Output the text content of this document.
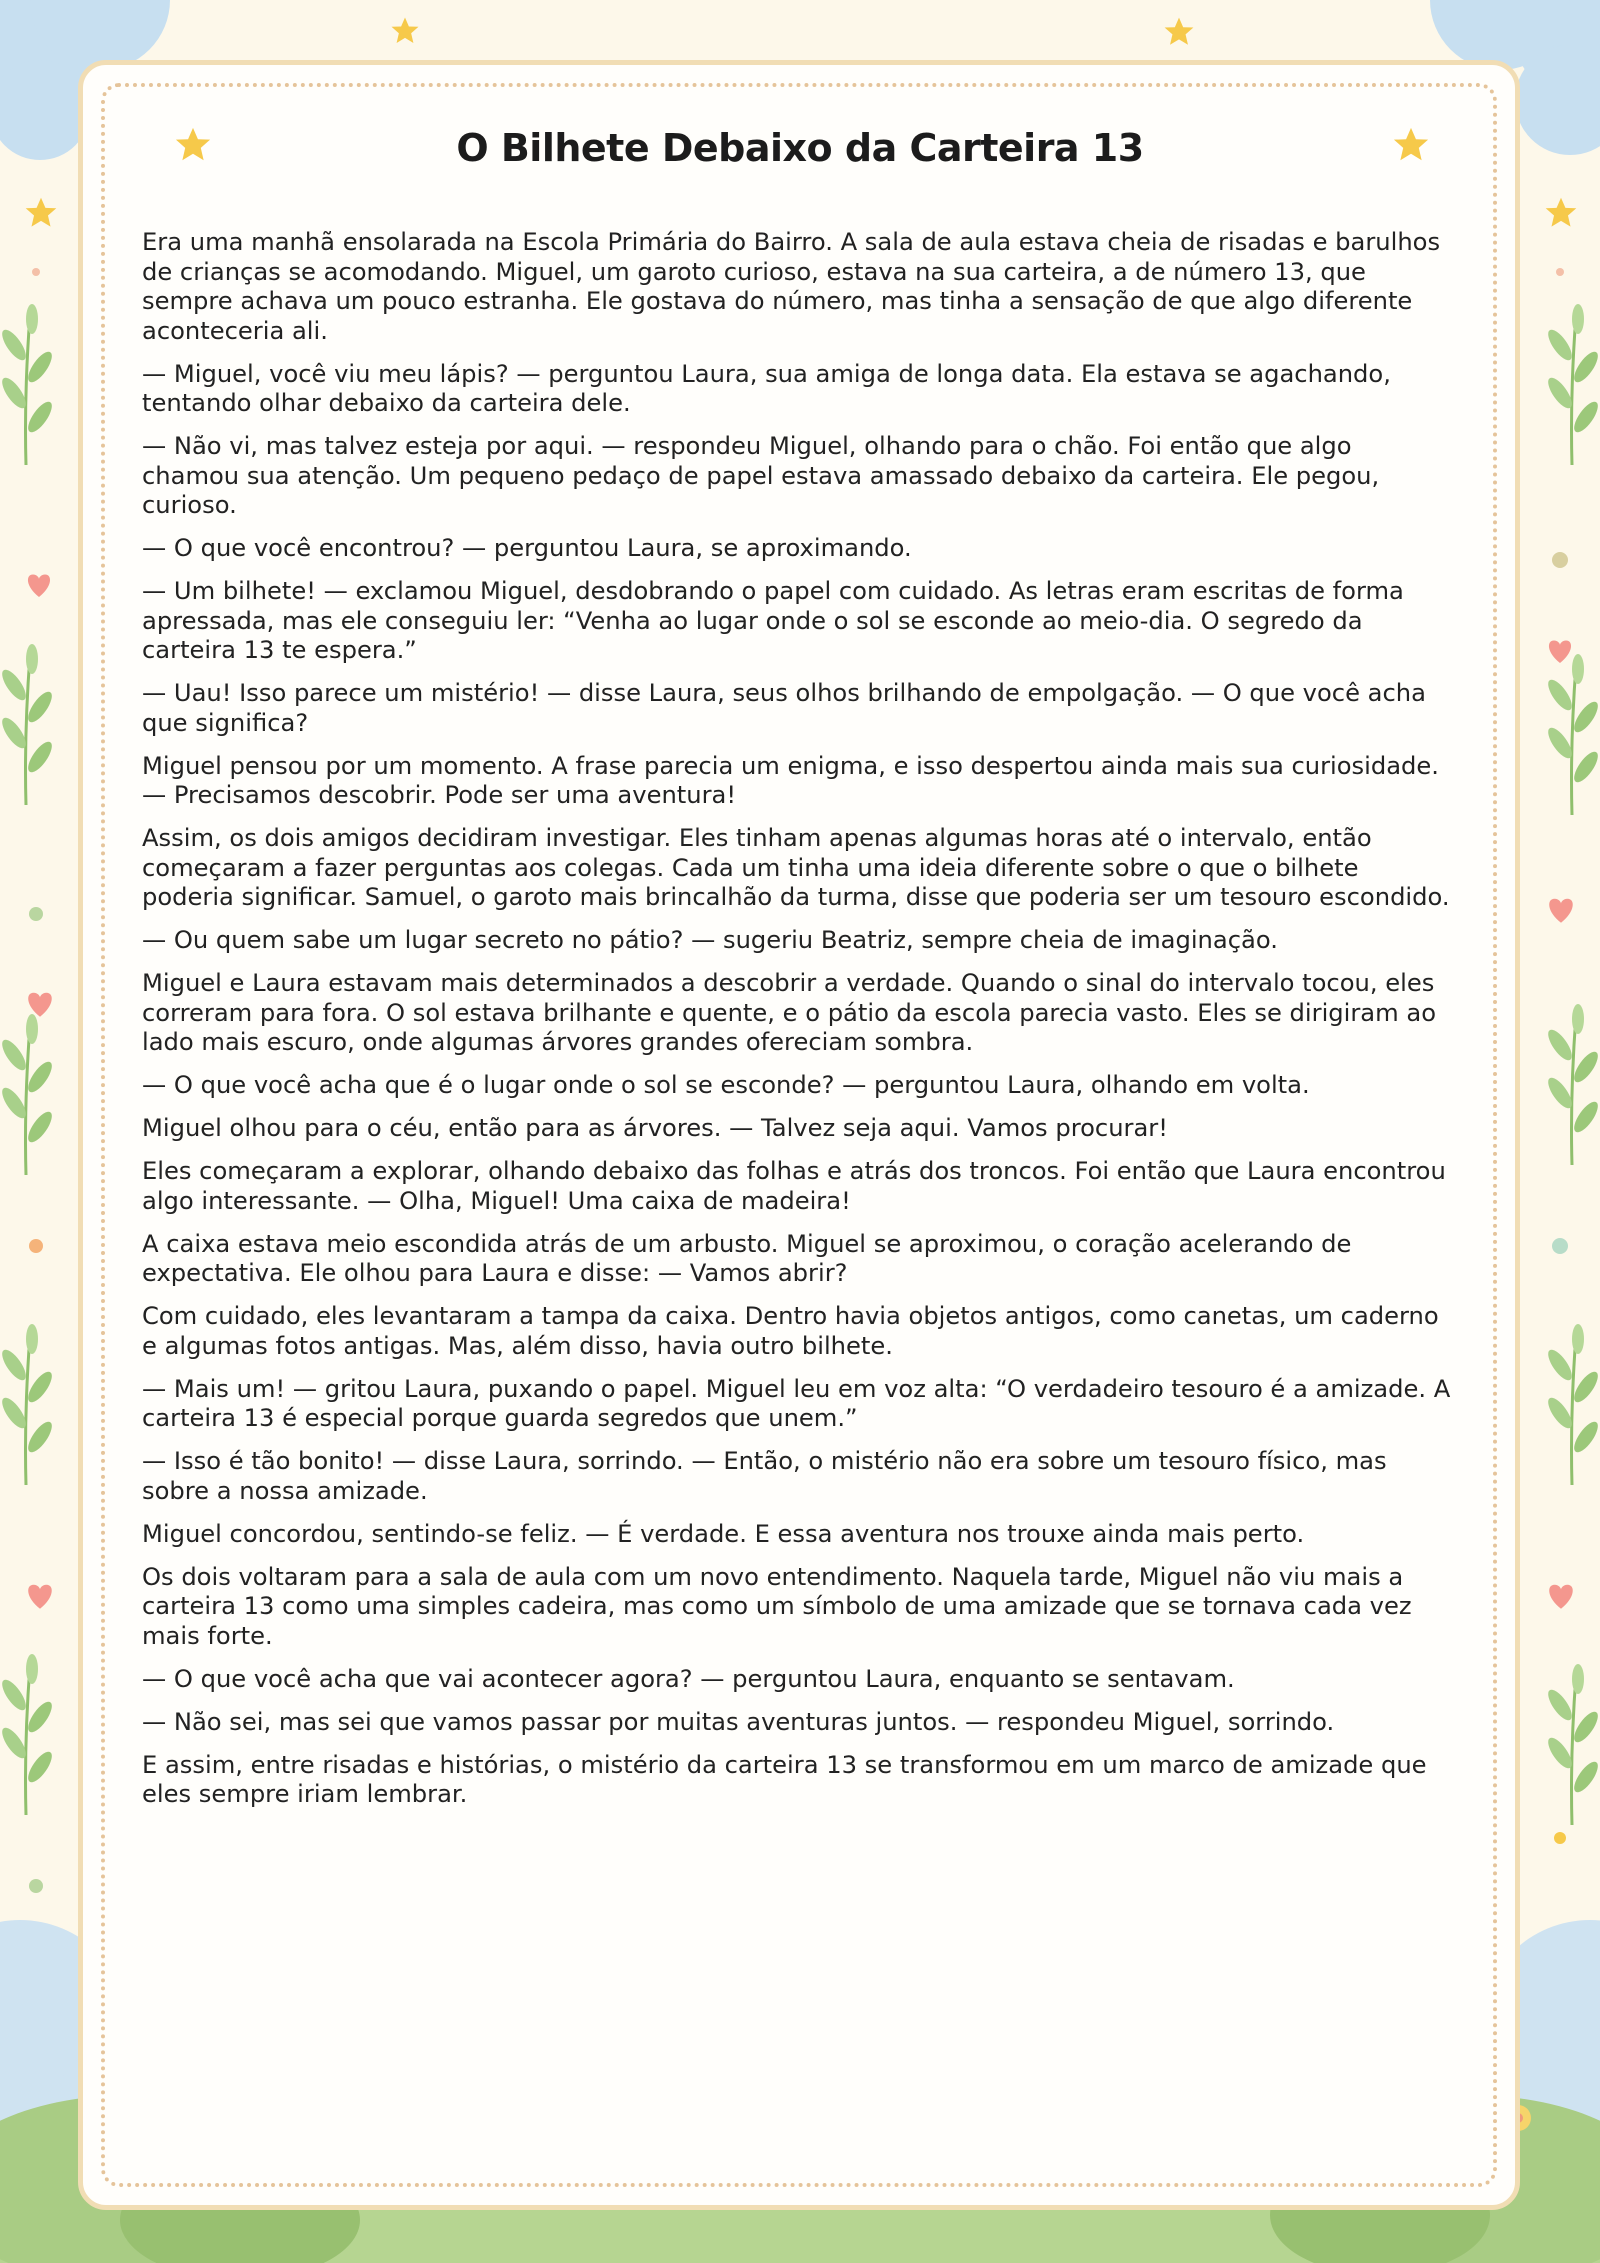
O Bilhete Debaixo da Carteira 13

Era uma manhã ensolarada na Escola Primária do Bairro. A sala de aula estava cheia de risadas e barulhos de crianças se acomodando. Miguel, um garoto curioso, estava na sua carteira, a de número 13, que sempre achava um pouco estranha. Ele gostava do número, mas tinha a sensação de que algo diferente aconteceria ali.

— Miguel, você viu meu lápis? — perguntou Laura, sua amiga de longa data. Ela estava se agachando, tentando olhar debaixo da carteira dele.

— Não vi, mas talvez esteja por aqui. — respondeu Miguel, olhando para o chão. Foi então que algo chamou sua atenção. Um pequeno pedaço de papel estava amassado debaixo da carteira. Ele pegou, curioso.

— O que você encontrou? — perguntou Laura, se aproximando.

— Um bilhete! — exclamou Miguel, desdobrando o papel com cuidado. As letras eram escritas de forma apressada, mas ele conseguiu ler: “Venha ao lugar onde o sol se esconde ao meio-dia. O segredo da carteira 13 te espera.”

— Uau! Isso parece um mistério! — disse Laura, seus olhos brilhando de empolgação. — O que você acha que significa?

Miguel pensou por um momento. A frase parecia um enigma, e isso despertou ainda mais sua curiosidade. — Precisamos descobrir. Pode ser uma aventura!

Assim, os dois amigos decidiram investigar. Eles tinham apenas algumas horas até o intervalo, então começaram a fazer perguntas aos colegas. Cada um tinha uma ideia diferente sobre o que o bilhete poderia significar. Samuel, o garoto mais brincalhão da turma, disse que poderia ser um tesouro escondido.

— Ou quem sabe um lugar secreto no pátio? — sugeriu Beatriz, sempre cheia de imaginação.

Miguel e Laura estavam mais determinados a descobrir a verdade. Quando o sinal do intervalo tocou, eles correram para fora. O sol estava brilhante e quente, e o pátio da escola parecia vasto. Eles se dirigiram ao lado mais escuro, onde algumas árvores grandes ofereciam sombra.

— O que você acha que é o lugar onde o sol se esconde? — perguntou Laura, olhando em volta.

Miguel olhou para o céu, então para as árvores. — Talvez seja aqui. Vamos procurar!

Eles começaram a explorar, olhando debaixo das folhas e atrás dos troncos. Foi então que Laura encontrou algo interessante. — Olha, Miguel! Uma caixa de madeira!

A caixa estava meio escondida atrás de um arbusto. Miguel se aproximou, o coração acelerando de expectativa. Ele olhou para Laura e disse: — Vamos abrir?

Com cuidado, eles levantaram a tampa da caixa. Dentro havia objetos antigos, como canetas, um caderno e algumas fotos antigas. Mas, além disso, havia outro bilhete.

— Mais um! — gritou Laura, puxando o papel. Miguel leu em voz alta: “O verdadeiro tesouro é a amizade. A carteira 13 é especial porque guarda segredos que unem.”

— Isso é tão bonito! — disse Laura, sorrindo. — Então, o mistério não era sobre um tesouro físico, mas sobre a nossa amizade.

Miguel concordou, sentindo-se feliz. — É verdade. E essa aventura nos trouxe ainda mais perto.

Os dois voltaram para a sala de aula com um novo entendimento. Naquela tarde, Miguel não viu mais a carteira 13 como uma simples cadeira, mas como um símbolo de uma amizade que se tornava cada vez mais forte.

— O que você acha que vai acontecer agora? — perguntou Laura, enquanto se sentavam.

— Não sei, mas sei que vamos passar por muitas aventuras juntos. — respondeu Miguel, sorrindo.

E assim, entre risadas e histórias, o mistério da carteira 13 se transformou em um marco de amizade que eles sempre iriam lembrar.
